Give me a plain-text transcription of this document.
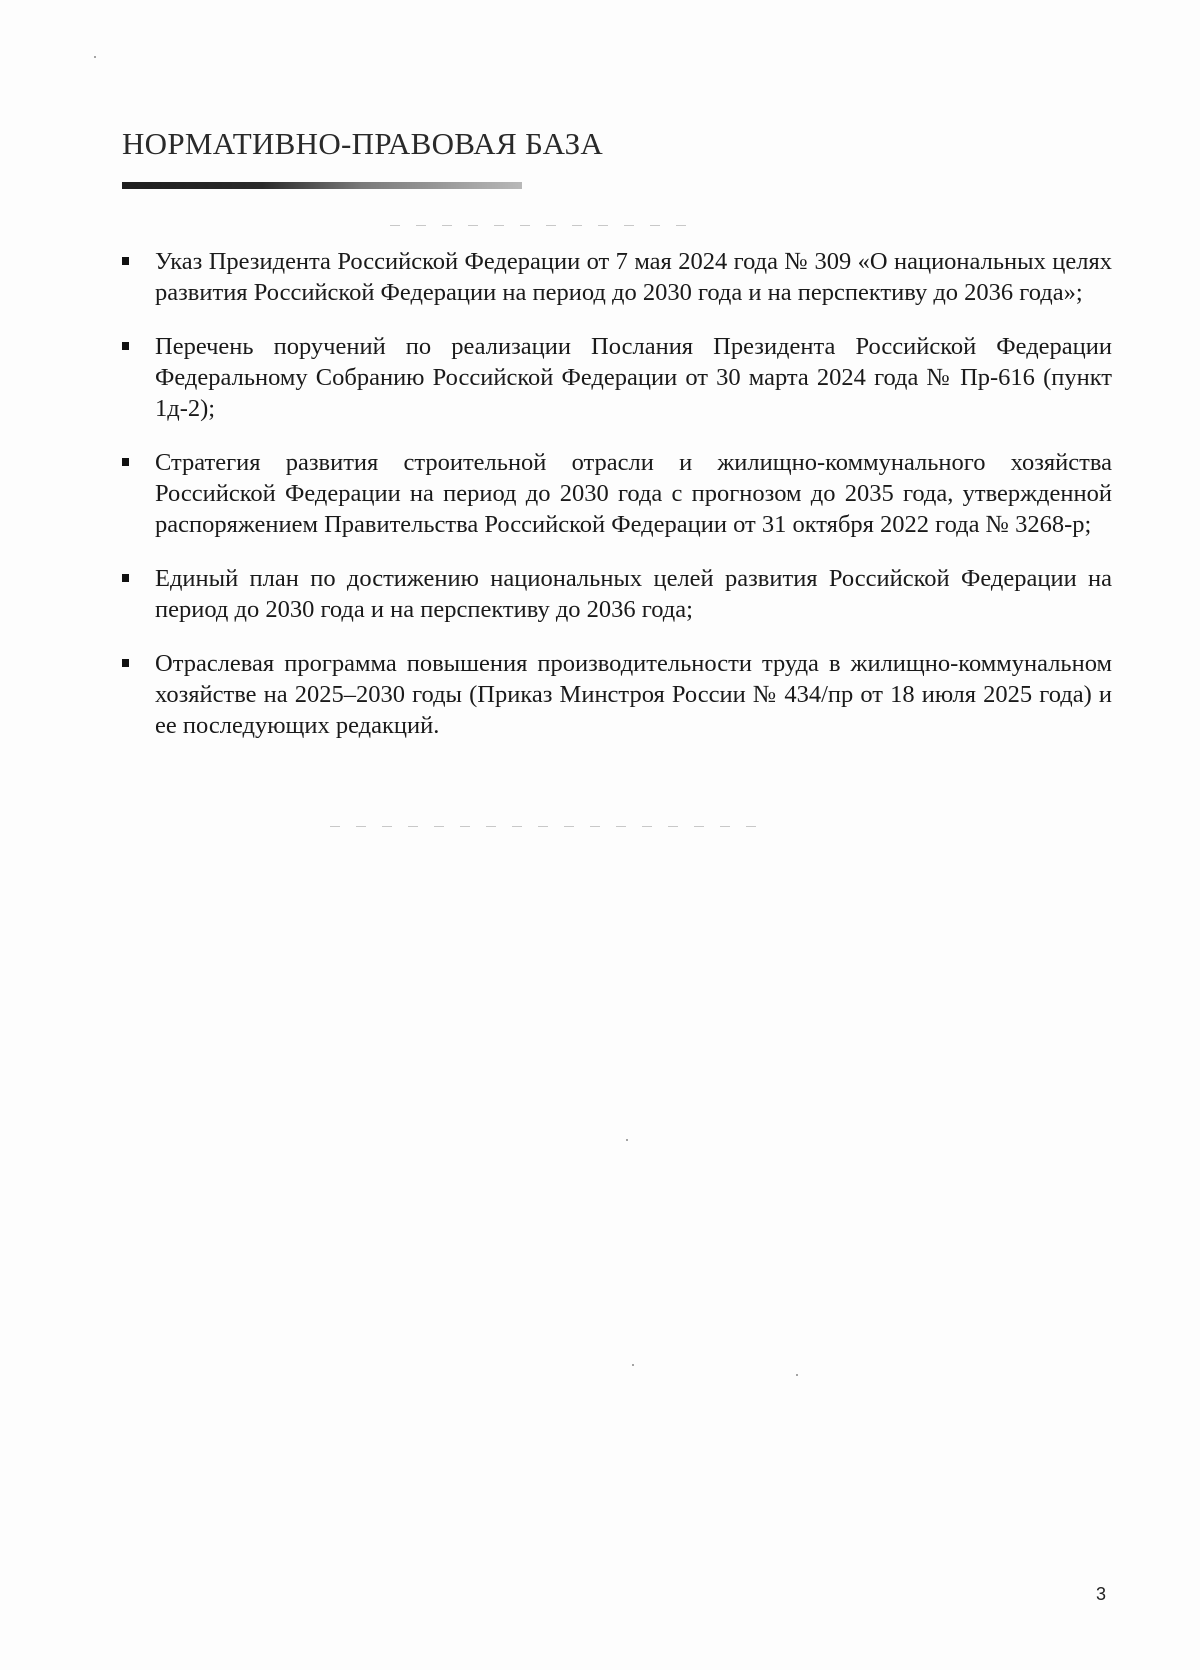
НОРМАТИВНО-ПРАВОВАЯ БАЗА
Указ Президента Российской Федерации от 7 мая 2024 года № 309 «О национальных целях развития Российской Федерации на период до 2030 года и на перспективу до 2036 года»;
Перечень поручений по реализации Послания Президента Российской Федерации Федеральному Собранию Российской Федерации от 30 марта 2024 года № Пр-616 (пункт 1д-2);
Стратегия развития строительной отрасли и жилищно-коммунального хозяйства Российской Федерации на период до 2030 года с прогнозом до 2035 года, утвержденной распоряжением Правительства Российской Федерации от 31 октября 2022 года № 3268-р;
Единый план по достижению национальных целей развития Российской Федерации на период до 2030 года и на перспективу до 2036 года;
Отраслевая программа повышения производительности труда в жилищно-коммунальном хозяйстве на 2025–2030 годы (Приказ Минстроя России № 434/пр от 18 июля 2025 года) и ее последующих редакций.
3
